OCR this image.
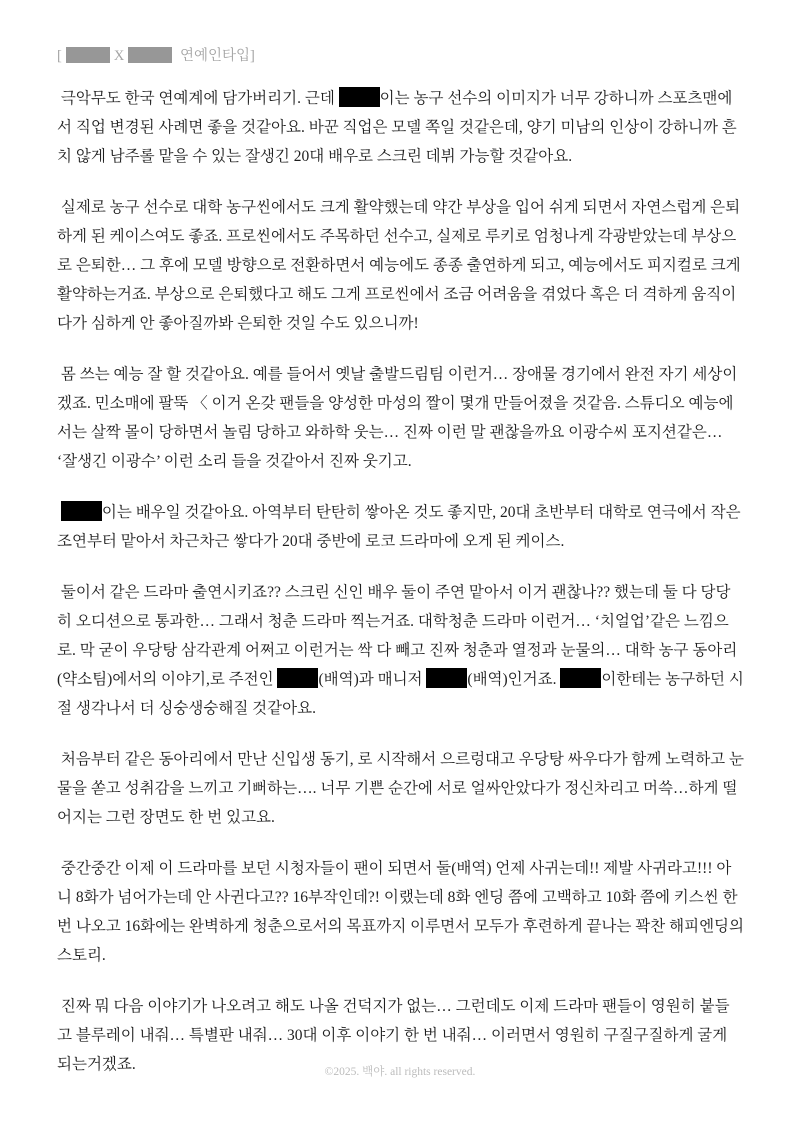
[	X	연예인타입]

극악무도 한국 연예계에 담가버리기. 근데	이는 농구 선수의 이미지가 너무 강하니까 스포츠맨에서 직업 변경된 사례면 좋을 것같아요. 바꾼 직업은 모델 쪽일 것같은데, 양기 미남의 인상이 강하니까 흔치 않게 남주롤 맡을 수 있는 잘생긴 20대 배우로 스크린 데뷔 가능할 것같아요.

실제로 농구 선수로 대학 농구씬에서도 크게 활약했는데 약간 부상을 입어 쉬게 되면서 자연스럽게 은퇴하게 된 케이스여도 좋죠. 프로씬에서도 주목하던 선수고, 실제로 루키로 엄청나게 각광받았는데 부상으로 은퇴한… 그 후에 모델 방향으로 전환하면서 예능에도 종종 출연하게 되고, 예능에서도 피지컬로 크게 활약하는거죠. 부상으로 은퇴했다고 해도 그게 프로씬에서 조금 어려움을 겪었다 혹은 더 격하게 움직이다가 심하게 안 좋아질까봐 은퇴한 것일 수도 있으니까!

몸 쓰는 예능 잘 할 것같아요. 예를 들어서 옛날 출발드림팀 이런거… 장애물 경기에서 완전 자기 세상이겠죠. 민소매에 팔뚝 〈 이거 온갖 팬들을 양성한 마성의 짤이 몇개 만들어졌을 것같음. 스튜디오 예능에서는 살짝 몰이 당하면서 놀림 당하고 와하학 웃는… 진짜 이런 말 괜찮을까요 이광수씨 포지션같은… ‘잘생긴 이광수’ 이런 소리 들을 것같아서 진짜 웃기고.

이는 배우일 것같아요. 아역부터 탄탄히 쌓아온 것도 좋지만, 20대 초반부터 대학로 연극에서 작은 조연부터 맡아서 차근차근 쌓다가 20대 중반에 로코 드라마에 오게 된 케이스.

둘이서 같은 드라마 출연시키죠?? 스크린 신인 배우 둘이 주연 맡아서 이거 괜찮나?? 했는데 둘 다 당당히 오디션으로 통과한… 그래서 청춘 드라마 찍는거죠. 대학청춘 드라마 이런거… ‘치얼업’같은 느낌으로. 막 굳이 우당탕 삼각관계 어쩌고 이런거는 싹 다 빼고 진짜 청춘과 열정과 눈물의… 대학 농구 동아리(약소팀)에서의 이야기,로 주전인	(배역)과 매니저	(배역)인거죠.	이한테는 농구하던 시절 생각나서 더 싱숭생숭해질 것같아요.

처음부터 같은 동아리에서 만난 신입생 동기, 로 시작해서 으르렁대고 우당탕 싸우다가 함께 노력하고 눈물을 쏟고 성취감을 느끼고 기뻐하는…. 너무 기쁜 순간에 서로 얼싸안았다가 정신차리고 머쓱…하게 떨어지는 그런 장면도 한 번 있고요.

중간중간 이제 이 드라마를 보던 시청자들이 팬이 되면서 둘(배역) 언제 사귀는데!! 제발 사귀라고!!! 아니 8화가 넘어가는데 안 사귄다고?? 16부작인데?! 이랬는데 8화 엔딩 쯤에 고백하고 10화 쯤에 키스씬 한 번 나오고 16화에는 완벽하게 청춘으로서의 목표까지 이루면서 모두가 후련하게 끝나는 꽉찬 해피엔딩의 스토리.

진짜 뭐 다음 이야기가 나오려고 해도 나올 건덕지가 없는… 그런데도 이제 드라마 팬들이 영원히 붙들고 블루레이 내줘… 특별판 내줘… 30대 이후 이야기 한 번 내줘… 이러면서 영원히 구질구질하게 굴게 되는거겠죠.	©2025. 백야. all rights reserved.
